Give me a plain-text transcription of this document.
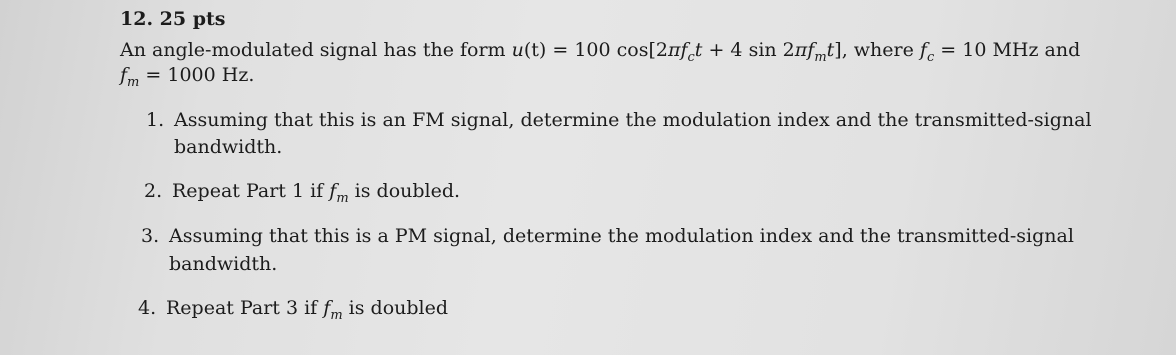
12. 25 pts
An angle-modulated signal has the form u(t) = 100 $\cos[2\pi f_ct + 4$ $\sin 2\pi f_mt$], where $f_c = 10$ MHz and
$f_m = 1000$ Hz.
1. Assuming that this is an FM signal, determine the modulation index and the transmitted-signal
bandwidth.
2. Repeat Part 1 if $f_m$ is doubled.
3. Assuming that this is a PM signal, determine the modulation index and the transmitted-signal
bandwidth.
4. Repeat Part 3 if $f_m$ is doubled
